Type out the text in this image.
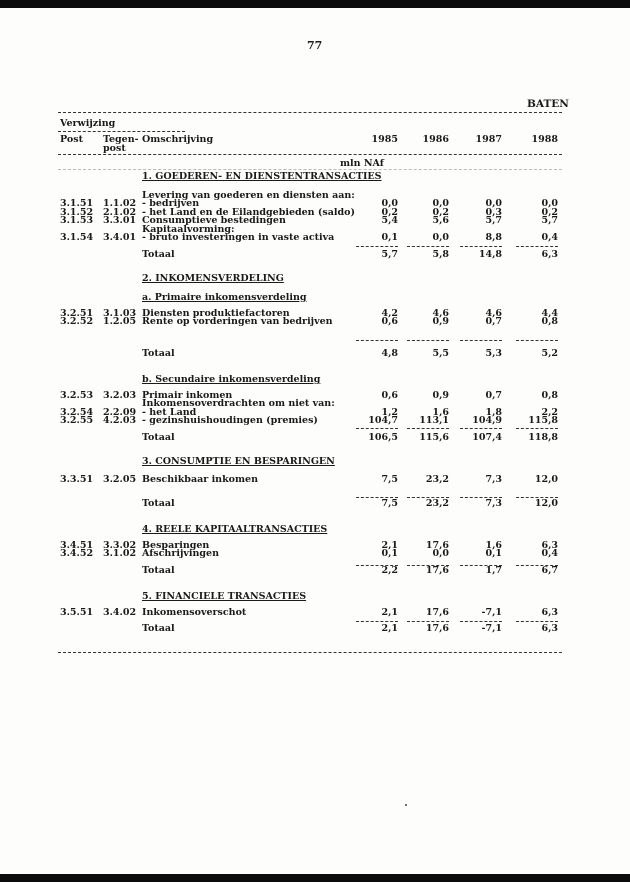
77
BATEN
Verwijzing
Post Tegen-
post
Omschrijving	1985	1986	1987	1988
mln NAf
1. GOEDEREN- EN DIENSTENTRANSACTIES
Levering van goederen en diensten aan:
3.1.51 1.1.02 - bedrijven	0,0	0,0	0,0	0,0
3.1.52 2.1.02 - het Land en de Eilandgebieden (saldo)	0,2	0,2	0,3	0,2
3.1.53 3.3.01 Consumptieve bestedingen	5,4	5,6	5,7	5,7
Kapitaalvorming:
3.1.54 3.4.01 - bruto investeringen in vaste activa	0,1	0,0	8,8	0,4
Totaal	5,7	5,8	14,8	6,3
2. INKOMENSVERDELING
a. Primaire inkomensverdeling
3.2.51 3.1.03 Diensten produktiefactoren	4,2	4,6	4,6	4,4
3.2.52 1.2.05 Rente op vorderingen van bedrijven	0,6	0,9	0,7	0,8
Totaal	4,8	5,5	5,3	5,2
b. Secundaire inkomensverdeling
3.2.53 3.2.03 Primair inkomen	0,6	0,9	0,7	0,8
Inkomensoverdrachten om niet van:
3.2.54 2.2.09 - het Land	1,2	1,6	1,8	2,2
3.2.55 4.2.03 - gezinshuishoudingen (premies)	104,7	113,1	104,9	115,8
Totaal	106,5	115,6	107,4	118,8
3. CONSUMPTIE EN BESPARINGEN
3.3.51 3.2.05 Beschikbaar inkomen	7,5	23,2	7,3	12,0
Totaal	7,5	23,2	7,3	12,0
4. REELE KAPITAALTRANSACTIES
3.4.51 3.3.02 Besparingen	2,1	17,6	1,6	6,3
3.4.52 3.1.02 Afschrijvingen	0,1	0,0	0,1	0,4
Totaal	2,2	17,6	1,7	6,7
5. FINANCIELE TRANSACTIES
3.5.51 3.4.02 Inkomensoverschot	2,1	17,6	-7,1	6,3
Totaal	2,1	17,6	-7,1	6,3
